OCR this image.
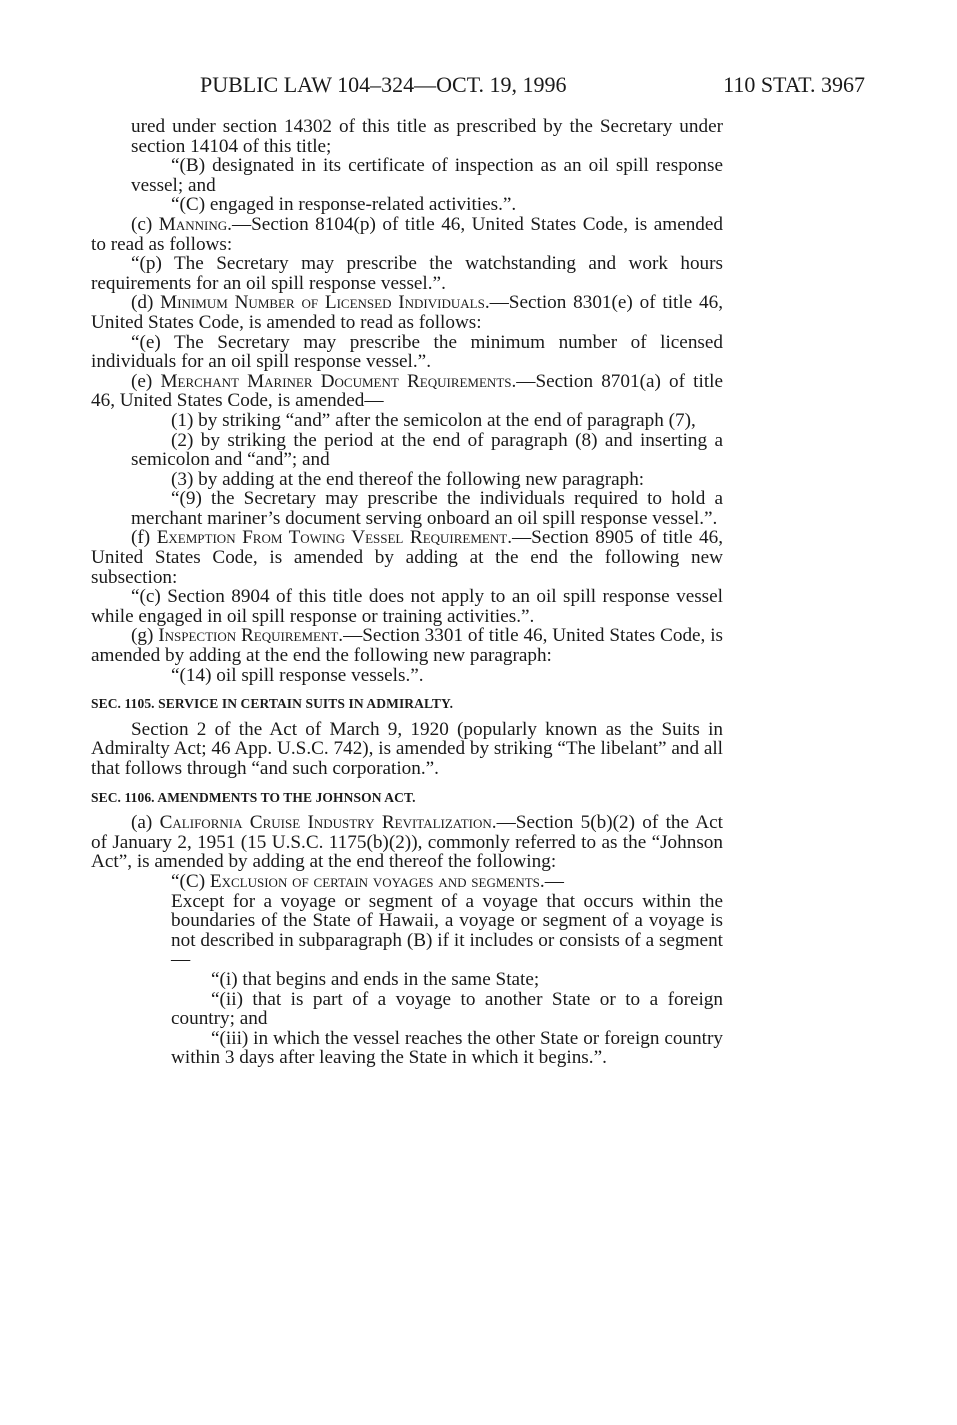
PUBLIC LAW 104–324—OCT. 19, 1996	110 STAT. 3967

ured under section 14302 of this title as prescribed by the Secretary under section 14104 of this title;

“(B) designated in its certificate of inspection as an oil spill response vessel; and

“(C) engaged in response-related activities.”.

(c) Manning.—Section 8104(p) of title 46, United States Code, is amended to read as follows:

“(p) The Secretary may prescribe the watchstanding and work hours requirements for an oil spill response vessel.”.

(d) Minimum Number of Licensed Individuals.—Section 8301(e) of title 46, United States Code, is amended to read as follows:

“(e) The Secretary may prescribe the minimum number of licensed individuals for an oil spill response vessel.”.

(e) Merchant Mariner Document Requirements.—Section 8701(a) of title 46, United States Code, is amended—

(1) by striking “and” after the semicolon at the end of paragraph (7),

(2) by striking the period at the end of paragraph (8) and inserting a semicolon and “and”; and

(3) by adding at the end thereof the following new paragraph:

“(9) the Secretary may prescribe the individuals required to hold a merchant mariner’s document serving onboard an oil spill response vessel.”.

(f) Exemption From Towing Vessel Requirement.—Section 8905 of title 46, United States Code, is amended by adding at the end the following new subsection:

“(c) Section 8904 of this title does not apply to an oil spill response vessel while engaged in oil spill response or training activities.”.

(g) Inspection Requirement.—Section 3301 of title 46, United States Code, is amended by adding at the end the following new paragraph:

“(14) oil spill response vessels.”.

SEC. 1105. SERVICE IN CERTAIN SUITS IN ADMIRALTY.

Section 2 of the Act of March 9, 1920 (popularly known as the Suits in Admiralty Act; 46 App. U.S.C. 742), is amended by striking “The libelant” and all that follows through “and such corporation.”.

SEC. 1106. AMENDMENTS TO THE JOHNSON ACT.

(a) California Cruise Industry Revitalization.—Section 5(b)(2) of the Act of January 2, 1951 (15 U.S.C. 1175(b)(2)), commonly referred to as the “Johnson Act”, is amended by adding at the end thereof the following:

“(C) Exclusion of certain voyages and segments.—

Except for a voyage or segment of a voyage that occurs within the boundaries of the State of Hawaii, a voyage or segment of a voyage is not described in subparagraph (B) if it includes or consists of a segment—

“(i) that begins and ends in the same State;

“(ii) that is part of a voyage to another State or to a foreign country; and

“(iii) in which the vessel reaches the other State or foreign country within 3 days after leaving the State in which it begins.”.
